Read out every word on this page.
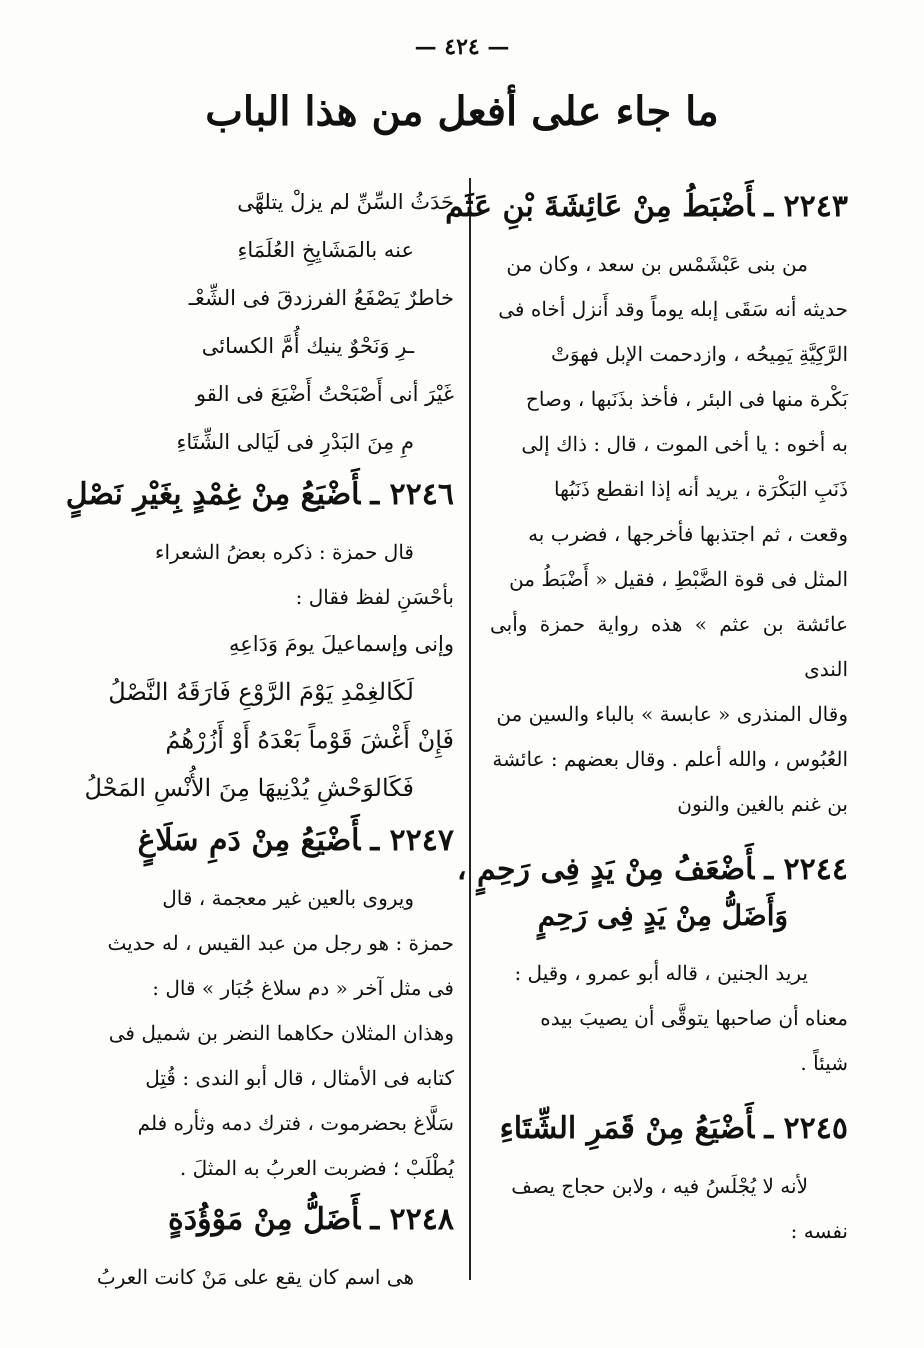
— ٤٢٤ —
ما جاء على أفعل من هذا الباب
٢٢٤٣ ـأَضْبَطُ مِنْ عَائِشَةَ بْنِ عَثَم

من بنى عَبْشَمْس بن سعد ، وكان من

حديثه أنه سَقَى إبله يوماً وقد أَنزل أخاه فى

الرَّكِيَّةِ يَمِيحُه ، وازدحمت الإبل فهوَتْ

بَكْرة منها فى البئر ، فأخذ بذَنَبها ، وصاح

به أخوه : يا أخى الموت ، قال : ذاك إلى

ذَنَبِ البَكْرَة ، يريد أنه إذا انقطع ذَنَبُها

وقعت ، ثم اجتذبها فأخرجها ، فضرب به

المثل فى قوة الضَّبْطِ ، فقيل « أَضْبَطُ من

عائشة بن عثم » هذه رواية حمزة وأبى الندى

وقال المنذرى « عابسة » بالباء والسين من

العُبُوس ، والله أعلم . وقال بعضهم : عائشة

بن غنم بالغين والنون

٢٢٤٤ ـأَضْعَفُ مِنْ يَدٍ فِى رَحِمٍ ،
وَأَضَلُّ مِنْ يَدٍ فِى رَحِمٍ

يريد الجنين ، قاله أبو عمرو ، وقيل :

معناه أن صاحبها يتوقَّى أن يصيبَ بيده

شيئاً .

٢٢٤٥ ـأَضْيَعُ مِنْ قَمَرِ الشِّتَاءِ

لأنه لا يُجْلَسُ فيه ، ولابن حجاج يصف

نفسه :

حَدَثُ السِّنِّ لم يزلْ يتلهَّى
عنه بالمَشَايِخِ العُلَمَاءِ
خاطرٌ يَصْفَعُ الفرزدقَ فى الشِّعْـ
ـرِ وَنَحْوٌ ينيك أُمَّ الكسائى
غَيْرَ أنى أَصْبَحْتُ أَضْيَعَ فى القو
مِ مِنَ البَدْرِ فى لَيَالى الشِّتَاءِ
٢٢٤٦ ـأَضْيَعُ مِنْ غِمْدٍ بِغَيْرِ نَصْلٍ

قال حمزة : ذكره بعضُ الشعراء

بأحْسَنِ لفظ فقال :

وإنى وإسماعيلَ يومَ وَدَاعِهِ
لَكَالغِمْدِ يَوْمَ الرَّوْعِ فَارَقَهُ النَّصْلُ
فَإِنْ أَغْشَ قَوْماً بَعْدَهُ أَوْ أَزُرْهُمُ
فَكَالوَحْشِ يُدْنِيهَا مِنَ الأُنْسِ المَحْلُ
٢٢٤٧ ـأَضْيَعُ مِنْ دَمِ سَلَاغٍ

ويروى بالعين غير معجمة ، قال

حمزة : هو رجل من عبد القيس ، له حديث

فى مثل آخر « دم سلاغ جُبَار » قال :

وهذان المثلان حكاهما النضر بن شميل فى

كتابه فى الأمثال ، قال أبو الندى : قُتِل

سَلَّاغ بحضرموت ، فترك دمه وثأره فلم

يُطْلَبْ ؛ فضربت العربُ به المثلَ .

٢٢٤٨ ـأَضَلُّ مِنْ مَوْؤُدَةٍ

هى اسم كان يقع على مَنْ كانت العربُ
